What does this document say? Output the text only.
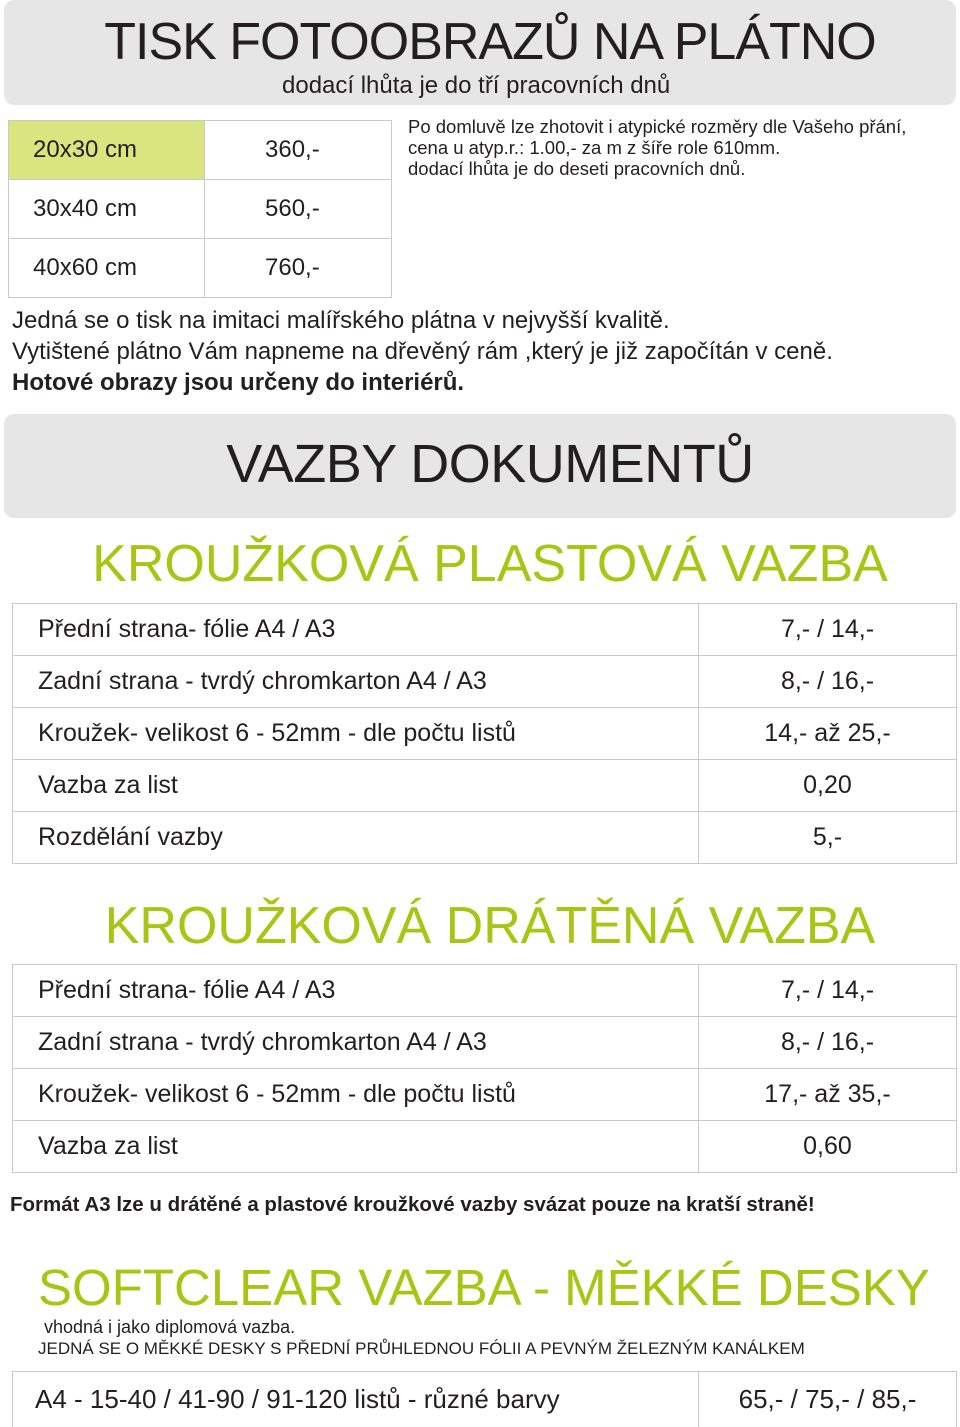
TISK FOTOOBRAZŮ NA PLÁTNO
dodací lhůta je do tří pracovních dnů
20x30 cm	360,-
30x40 cm	560,-
40x60 cm	760,-
Po domluvě lze zhotovit i atypické rozměry dle Vašeho přání,
cena u atyp.r.: 1.00,- za m z šíře role 610mm.
dodací lhůta je do deseti pracovních dnů.
Jedná se o tisk na imitaci malířského plátna v nejvyšší kvalitě.
Vytištené plátno Vám napneme na dřevěný rám ,který je již započítán v ceně.
Hotové obrazy jsou určeny do interiérů.
VAZBY DOKUMENTŮ
KROUŽKOVÁ PLASTOVÁ VAZBA
Přední strana- fólie A4 / A3	7,- / 14,-
Zadní strana - tvrdý chromkarton A4 / A3	8,- / 16,-
Kroužek- velikost 6 - 52mm - dle počtu listů	14,- až 25,-
Vazba za list	0,20
Rozdělání vazby	5,-
KROUŽKOVÁ DRÁTĚNÁ VAZBA
Přední strana- fólie A4 / A3	7,- / 14,-
Zadní strana - tvrdý chromkarton A4 / A3	8,- / 16,-
Kroužek- velikost 6 - 52mm - dle počtu listů	17,- až 35,-
Vazba za list	0,60
Formát A3 lze u drátěné a plastové kroužkové vazby svázat pouze na kratší straně!
SOFTCLEAR VAZBA - MĚKKÉ DESKY
vhodná i jako diplomová vazba.
JEDNÁ SE O MĚKKÉ DESKY S PŘEDNÍ PRŮHLEDNOU FÓLII A PEVNÝM ŽELEZNÝM KANÁLKEM
A4 - 15-40 / 41-90 / 91-120 listů - různé barvy	65,- / 75,- / 85,-
